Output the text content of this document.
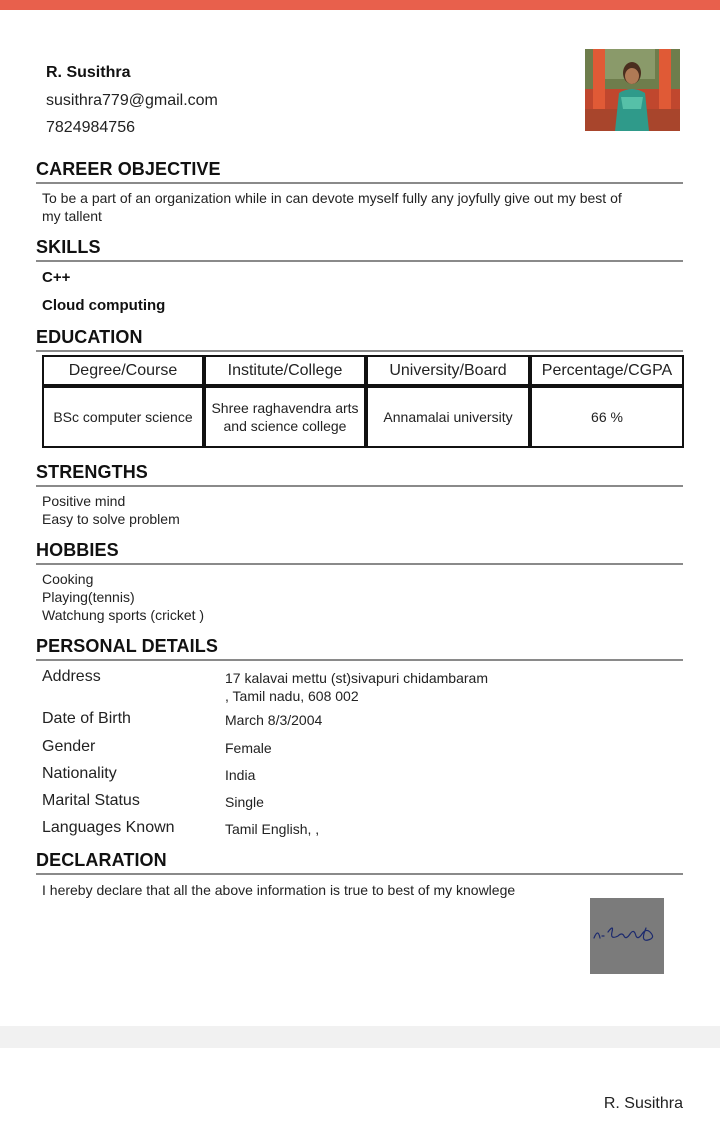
R. Susithra
susithra779@gmail.com
7824984756
CAREER OBJECTIVE
To be a part of an organization while in can devote myself fully any joyfully give out my best of
my tallent
SKILLS
C++
Cloud computing
EDUCATION
Degree/Course	Institute/College	University/Board	Percentage/CGPA
BSc computer science	Shree raghavendra arts and science college	Annamalai university	66 %
STRENGTHS
Positive mind
Easy to solve problem
HOBBIES
Cooking
Playing(tennis)
Watchung sports (cricket )
PERSONAL DETAILS
Address	17 kalavai mettu (st)sivapuri chidambaram
, Tamil nadu, 608 002
Date of Birth	March 8/3/2004
Gender	Female
Nationality	India
Marital Status	Single
Languages Known	Tamil English, ,
DECLARATION
I hereby declare that all the above information is true to best of my knowlege
R. Susithra
